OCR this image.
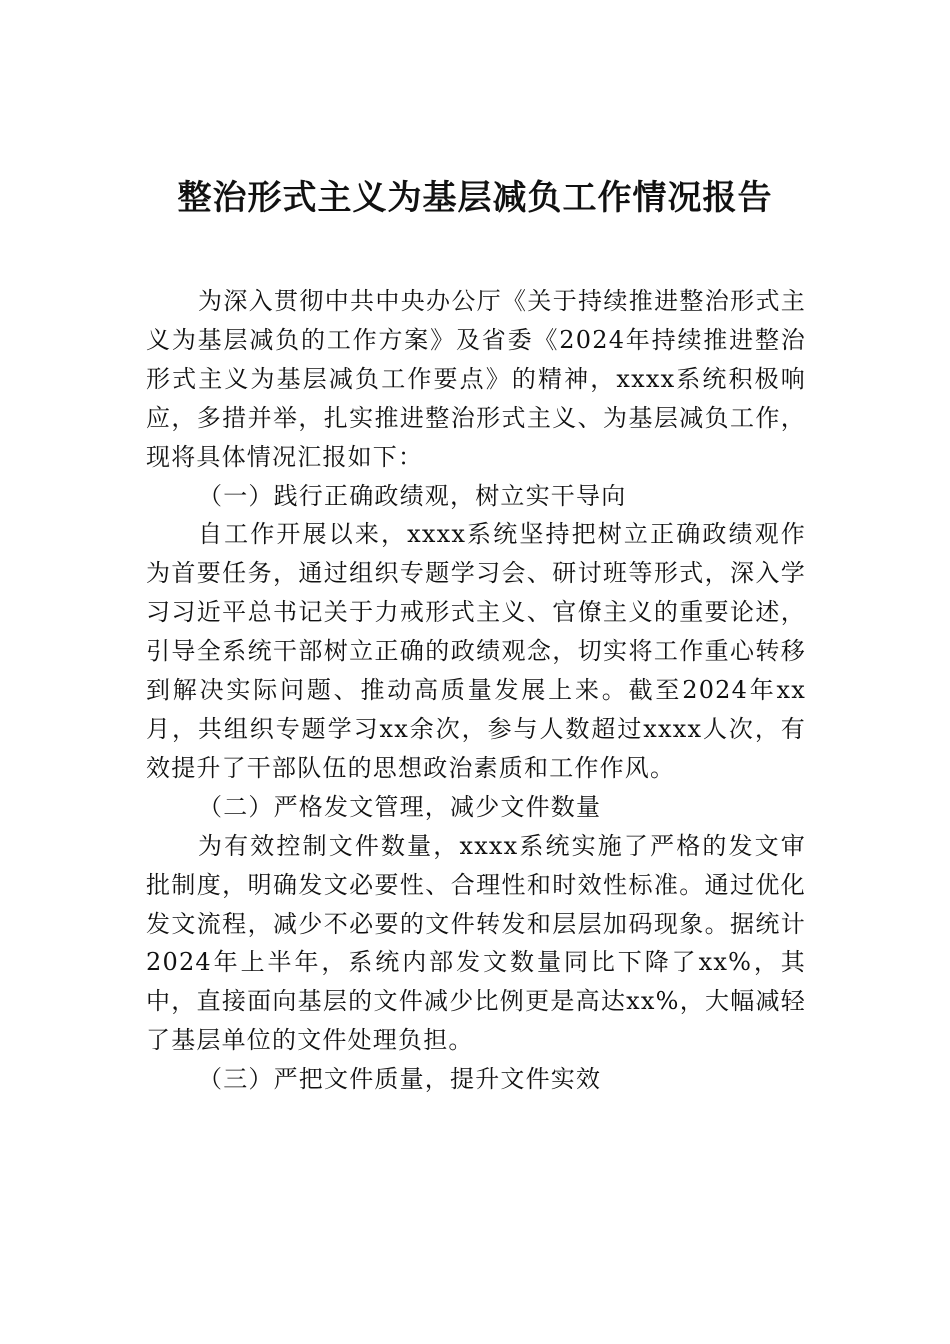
整治形式主义为基层减负工作情况报告

为深入贯彻中共中央办公厅《关于持续推进整治形式主义为基层减负的工作方案》及省委《2024年持续推进整治形式主义为基层减负工作要点》的精神，xxxx系统积极响应，多措并举，扎实推进整治形式主义、为基层减负工作，现将具体情况汇报如下：

（一）践行正确政绩观，树立实干导向

自工作开展以来，xxxx系统坚持把树立正确政绩观作为首要任务，通过组织专题学习会、研讨班等形式，深入学习习近平总书记关于力戒形式主义、官僚主义的重要论述，引导全系统干部树立正确的政绩观念，切实将工作重心转移到解决实际问题、推动高质量发展上来。截至2024年xx月，共组织专题学习xx余次，参与人数超过xxxx人次，有效提升了干部队伍的思想政治素质和工作作风。

（二）严格发文管理，减少文件数量

为有效控制文件数量，xxxx系统实施了严格的发文审批制度，明确发文必要性、合理性和时效性标准。通过优化发文流程，减少不必要的文件转发和层层加码现象。据统计2024年上半年，系统内部发文数量同比下降了xx%，其中，直接面向基层的文件减少比例更是高达xx%，大幅减轻了基层单位的文件处理负担。

（三）严把文件质量，提升文件实效
